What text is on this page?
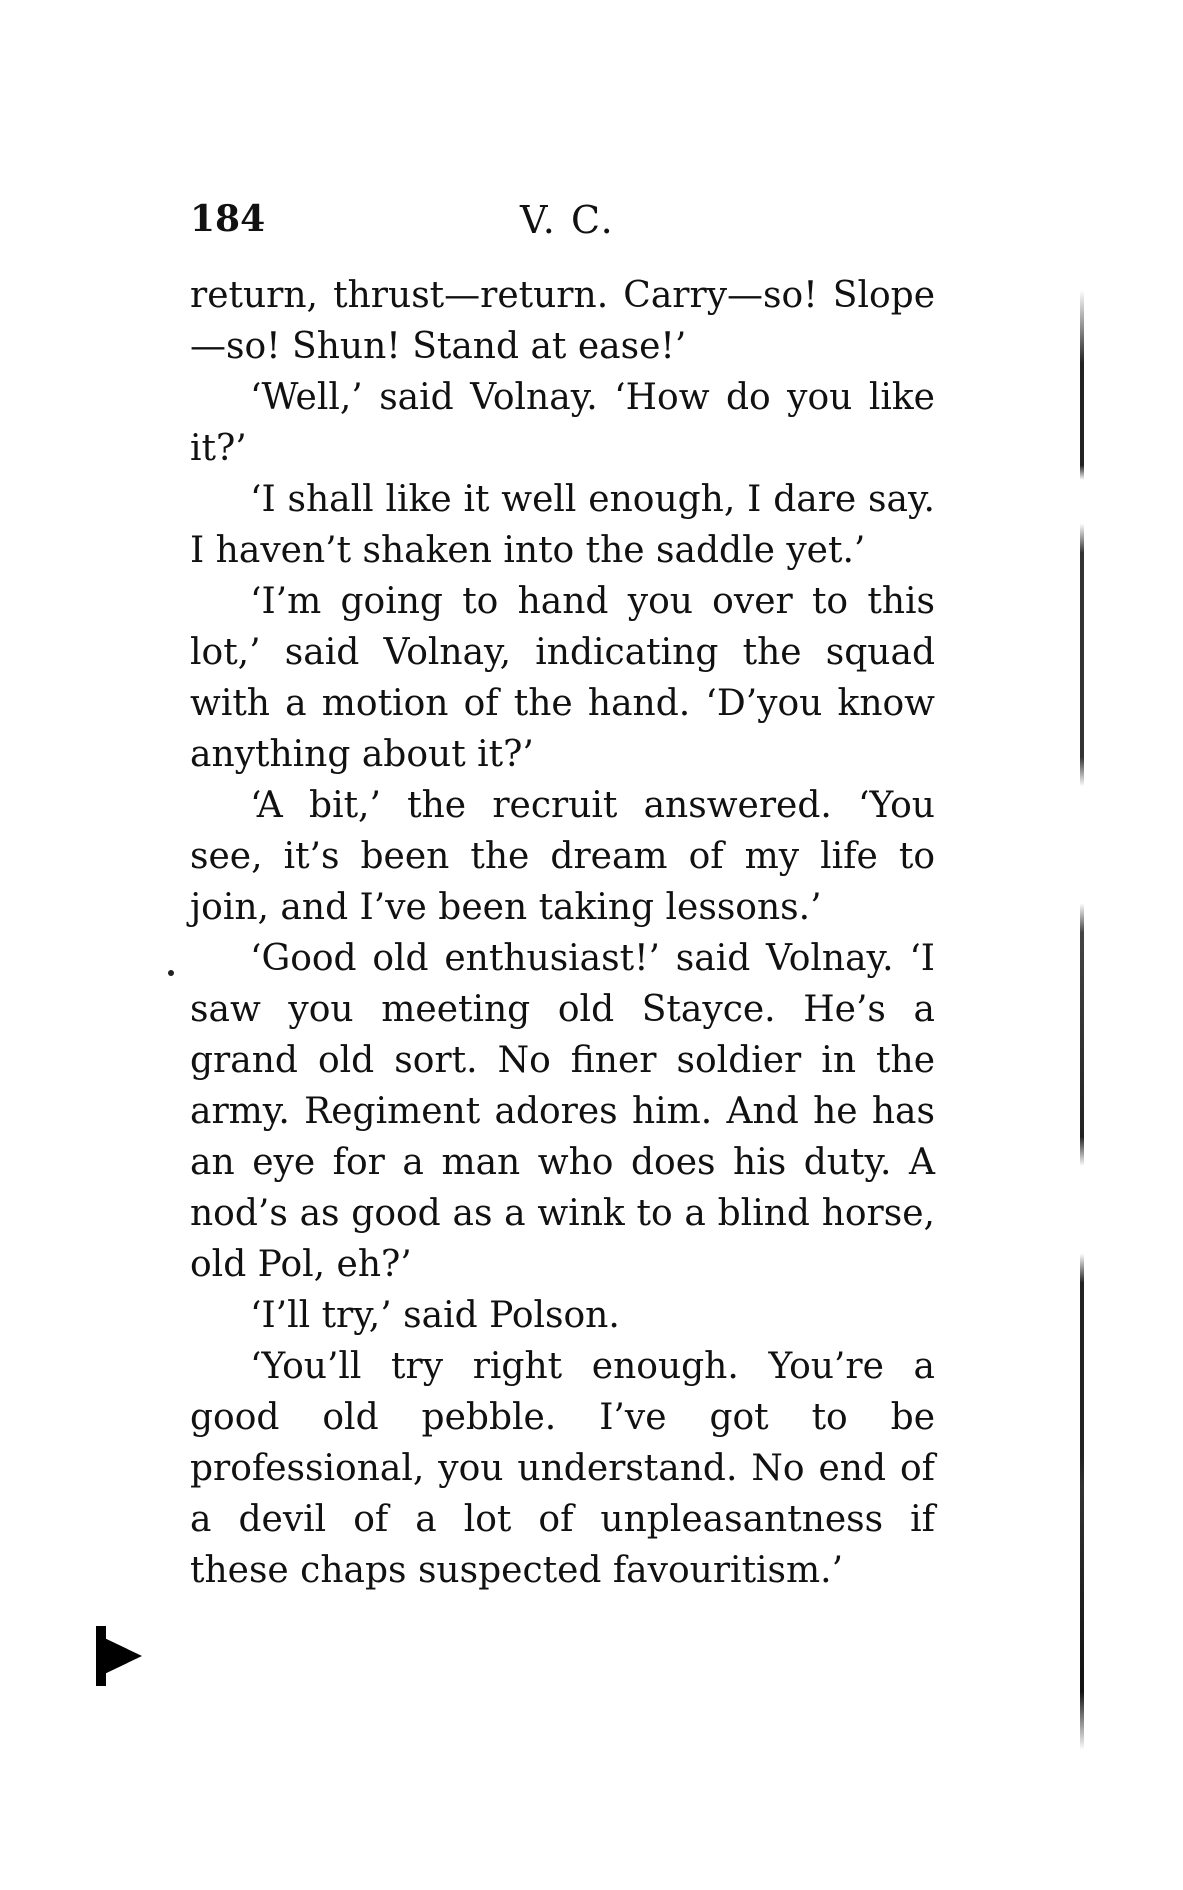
184	V. C.

return, thrust—return. Carry—so! Slope—so! Shun! Stand at ease!’

‘Well,’ said Volnay. ‘How do you like it?’

‘I shall like it well enough, I dare say. I haven’t shaken into the saddle yet.’

‘I’m going to hand you over to this lot,’ said Volnay, indicating the squad with a motion of the hand. ‘D’you know anything about it?’

‘A bit,’ the recruit answered. ‘You see, it’s been the dream of my life to join, and I’ve been taking lessons.’

‘Good old enthusiast!’ said Volnay. ‘I saw you meeting old Stayce. He’s a grand old sort. No finer soldier in the army. Regiment adores him. And he has an eye for a man who does his duty. A nod’s as good as a wink to a blind horse, old Pol, eh?’

‘I’ll try,’ said Polson.

‘You’ll try right enough. You’re a good old pebble. I’ve got to be professional, you understand. No end of a devil of a lot of unpleasantness if these chaps suspected favouritism.’
